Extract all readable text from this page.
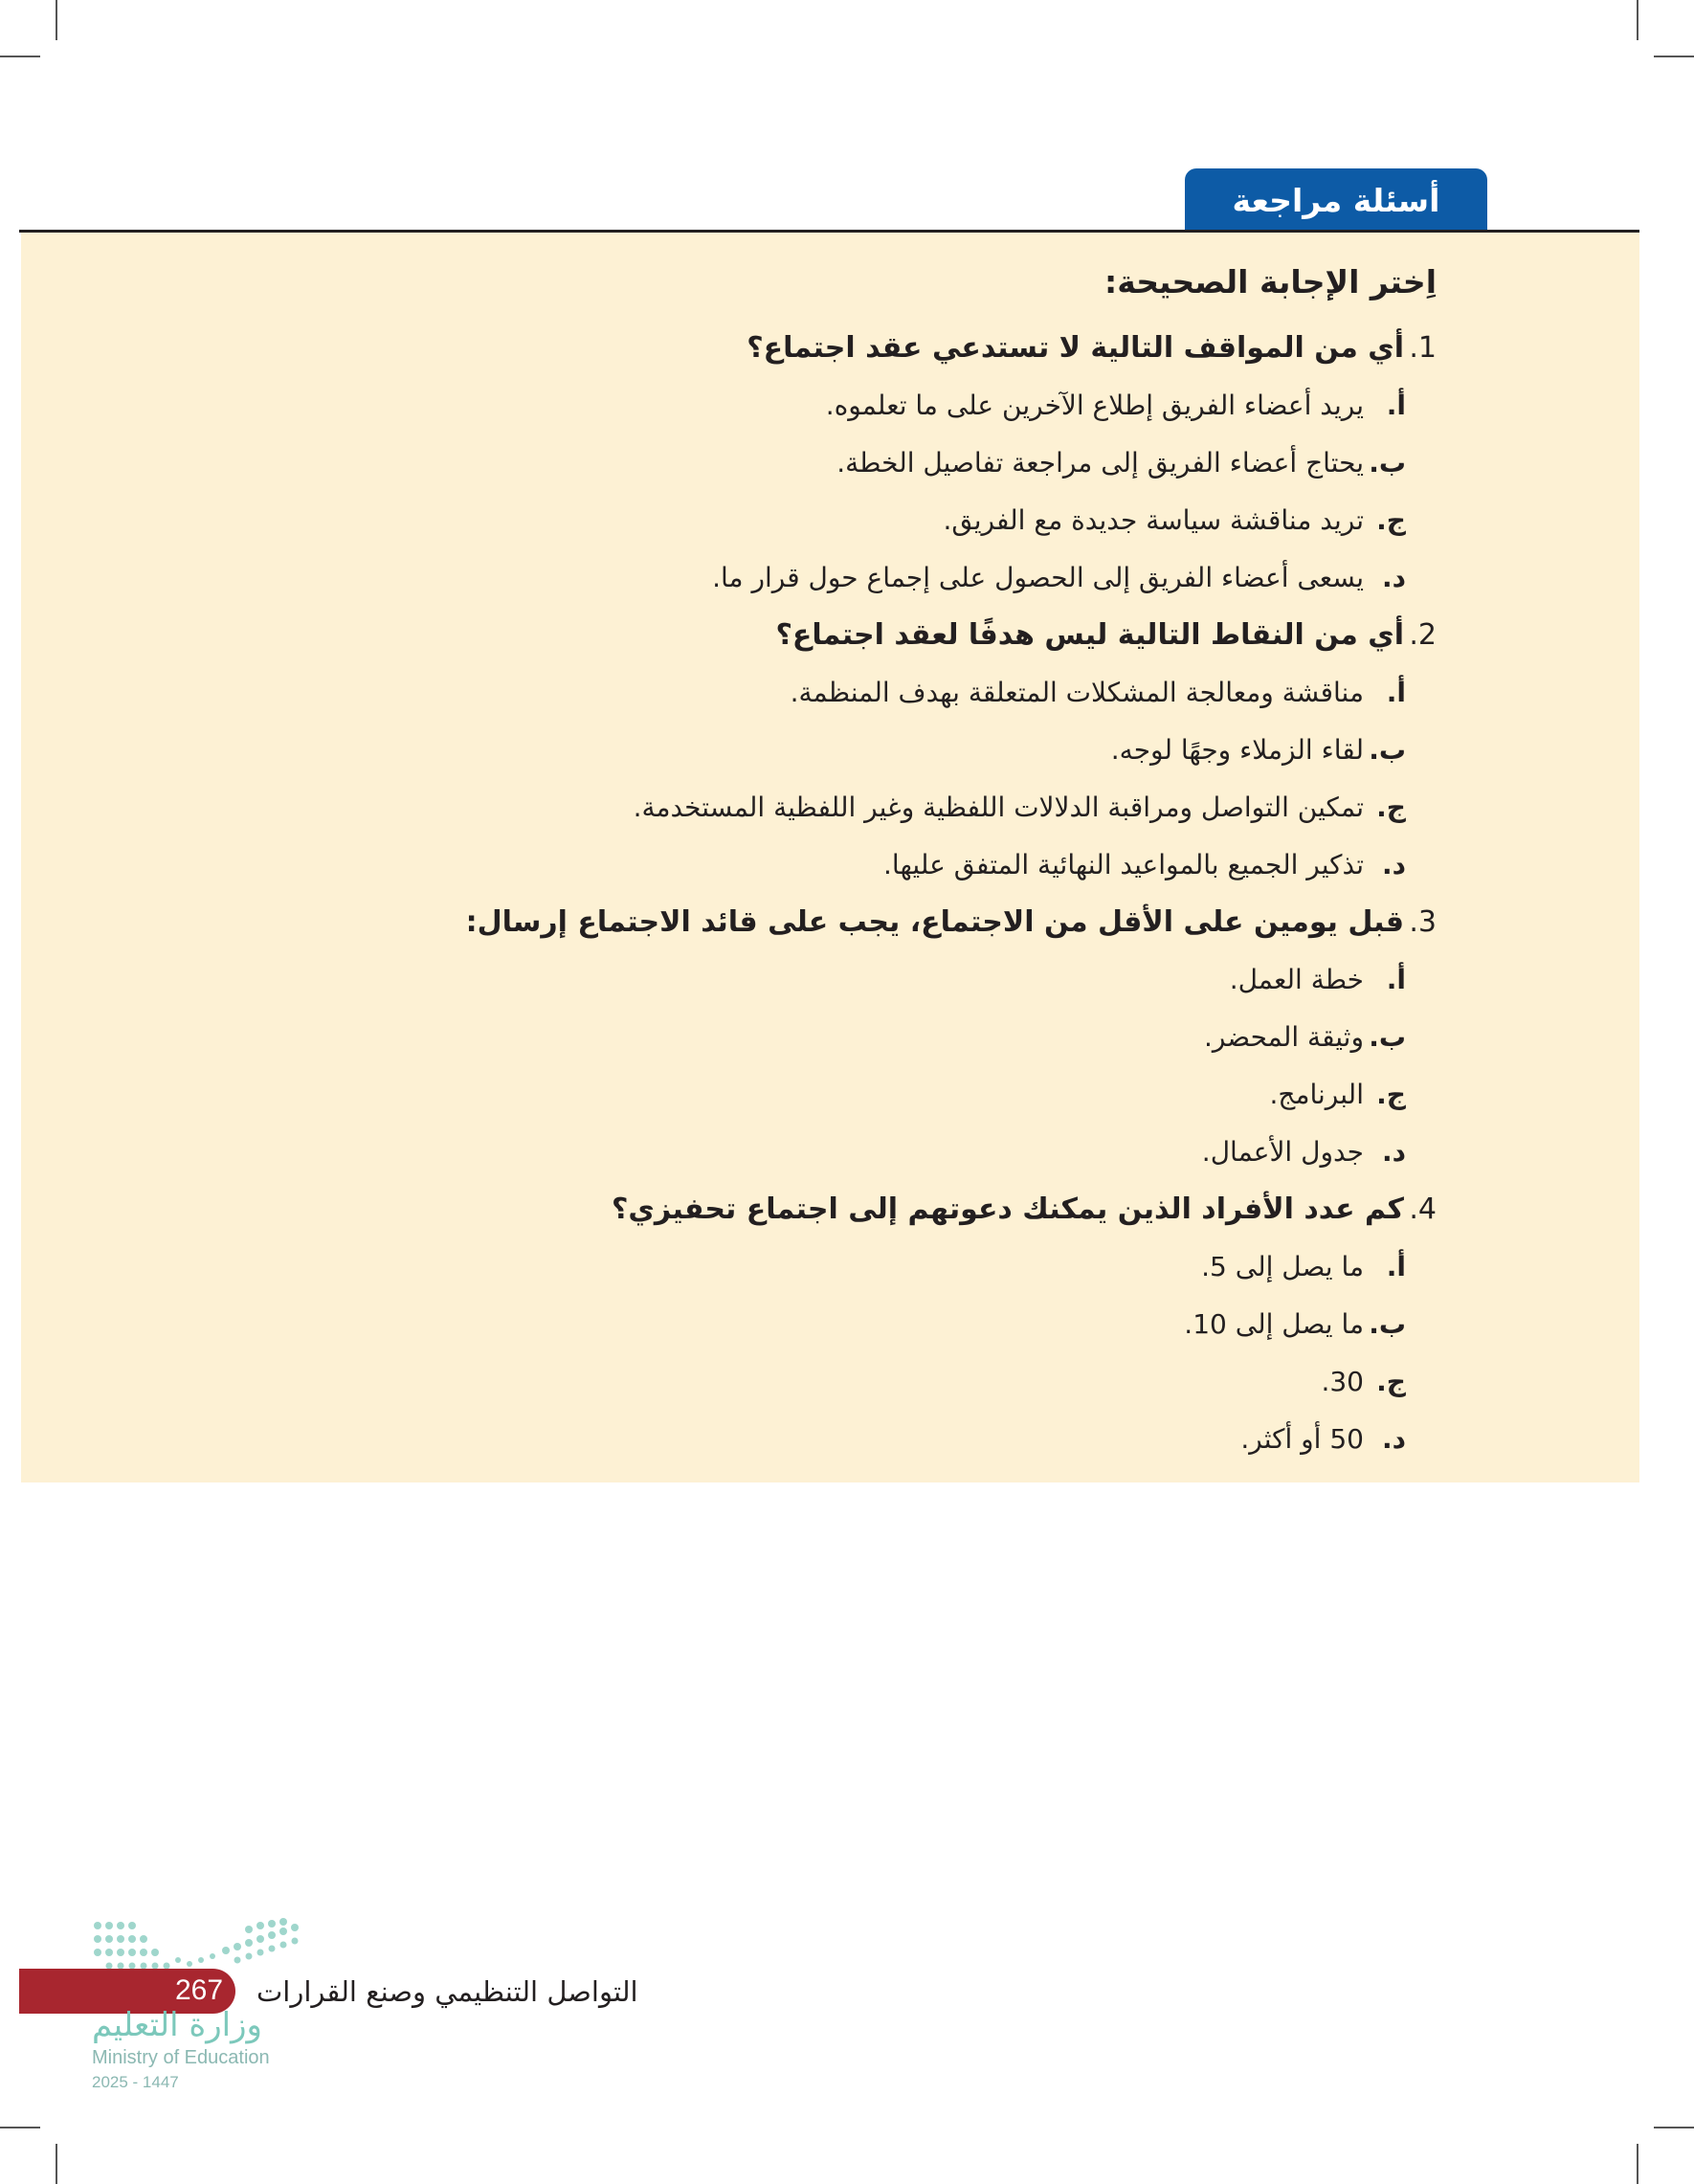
أسئلة مراجعة
اِختر الإجابة الصحيحة:
1.
أي من المواقف التالية لا تستدعي عقد اجتماع؟
أ.
يريد أعضاء الفريق إطلاع الآخرين على ما تعلموه.
ب.
يحتاج أعضاء الفريق إلى مراجعة تفاصيل الخطة.
ج.
تريد مناقشة سياسة جديدة مع الفريق.
د.
يسعى أعضاء الفريق إلى الحصول على إجماع حول قرار ما.
2.
أي من النقاط التالية ليس هدفًا لعقد اجتماع؟
أ.
مناقشة ومعالجة المشكلات المتعلقة بهدف المنظمة.
ب.
لقاء الزملاء وجهًا لوجه.
ج.
تمكين التواصل ومراقبة الدلالات اللفظية وغير اللفظية المستخدمة.
د.
تذكير الجميع بالمواعيد النهائية المتفق عليها.
3.
قبل يومين على الأقل من الاجتماع، يجب على قائد الاجتماع إرسال:
أ.
خطة العمل.
ب.
وثيقة المحضر.
ج.
البرنامج.
د.
جدول الأعمال.
4.
كم عدد الأفراد الذين يمكنك دعوتهم إلى اجتماع تحفيزي؟
أ.
ما يصل إلى 5.
ب.
ما يصل إلى 10.
ج.
30.
د.
50 أو أكثر.
267	التواصل التنظيمي وصنع القرارات
وزارة التعليم
Ministry of Education
2025 - 1447
